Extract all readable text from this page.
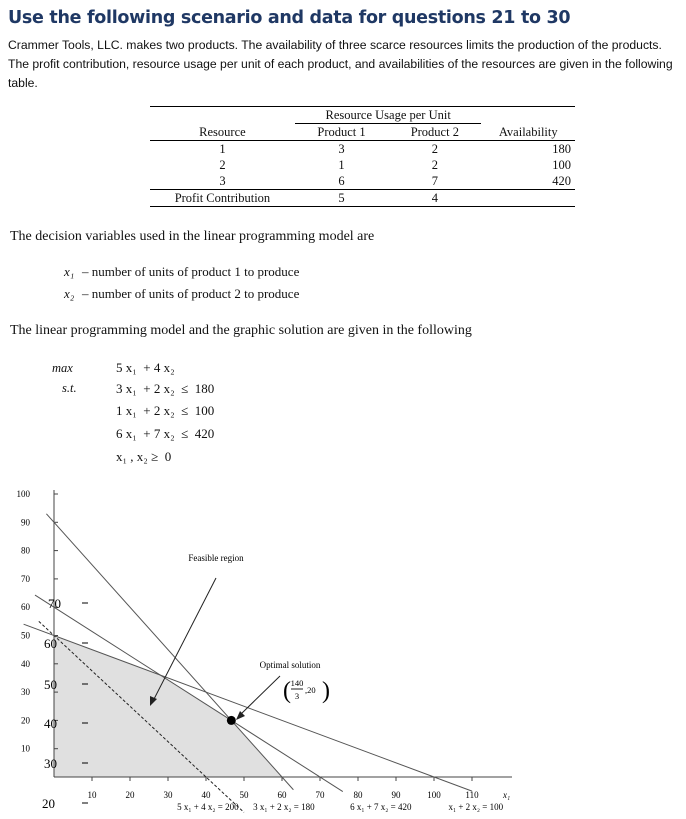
Use the following scenario and data for questions 21 to 30
Crammer Tools, LLC. makes two products. The availability of three scarce resources limits the production of the products. The profit contribution, resource usage per unit of each product, and availabilities of the resources are given in the following table.
	Resource Usage per Unit		
Resource	Product 1	Product 2	Availability
1	3	2	180
2	1	2	100
3	6	7	420
Profit Contribution	5	4	
The decision variables used in the linear programming model are
x₁ – number of units of product 1 to produce
x₂ – number of units of product 2 to produce
The linear programming model and the graphic solution are given in the following
max
s.t.
5 x₁  + 4 x₂
3 x₁  + 2 x₂  ≤  180
1 x₁  + 2 x₂  ≤  100
6 x₁  + 7 x₂  ≤  420
x₁ , x₂ ≥  0
10	20	30	40	50	60	70	80	90	100	110
10
20
30
40
50
60
70
80
90
100
x₁
5 x₁ + 4 x₂ = 200 3 x₁ + 2 x₂ = 180	6 x₁ + 7 x₂ = 420	x₁ + 2 x₂ = 100
Feasible region
Optimal solution
140
3
,20
( )
70
60
50
40
30
20
